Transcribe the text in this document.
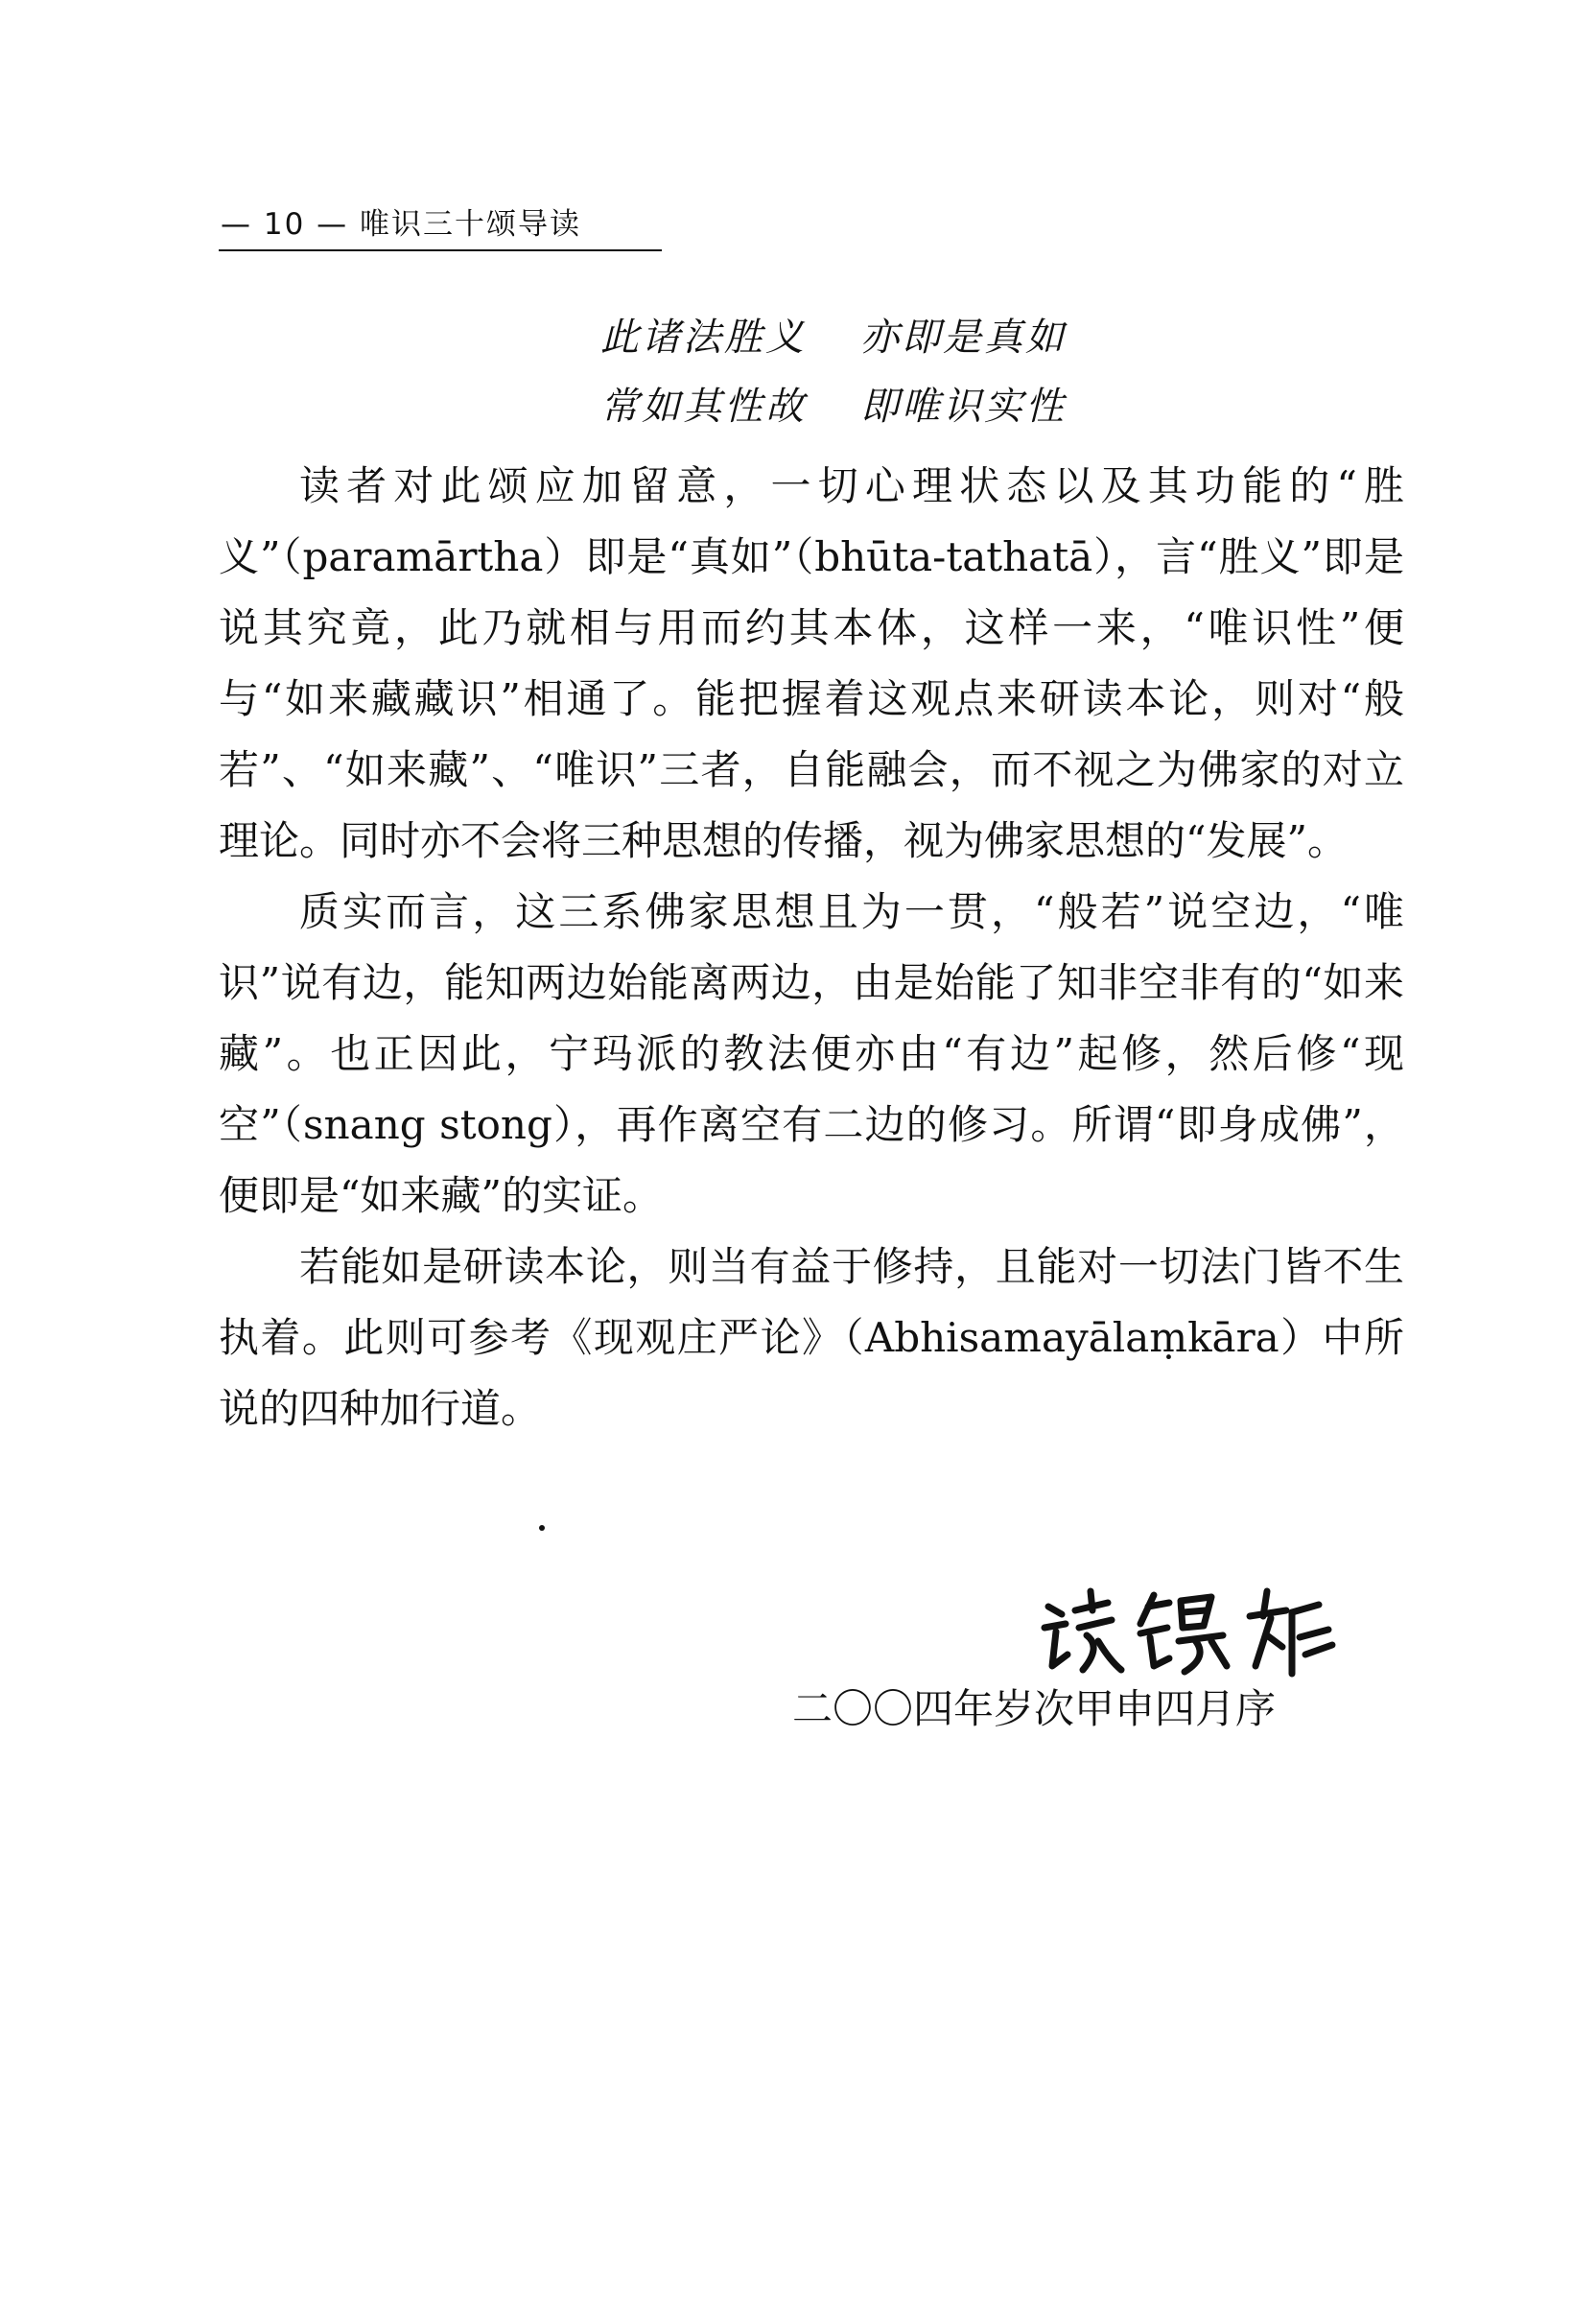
— 10 — 唯识三十颂导读
此诸法胜义 亦即是真如
常如其性故 即唯识实性

读者对此颂应加留意，一切心理状态以及其功能的“胜义”（paramārtha）即是“真如”（bhūta-tathatā），言“胜义”即是说其究竟，此乃就相与用而约其本体，这样一来，“唯识性”便与“如来藏藏识”相通了。能把握着这观点来研读本论，则对“般若”、“如来藏”、“唯识”三者，自能融会，而不视之为佛家的对立理论。同时亦不会将三种思想的传播，视为佛家思想的“发展”。

质实而言，这三系佛家思想且为一贯，“般若”说空边，“唯识”说有边，能知两边始能离两边，由是始能了知非空非有的“如来藏”。也正因此，宁玛派的教法便亦由“有边”起修，然后修“现空”（snang stong），再作离空有二边的修习。所谓“即身成佛”，便即是“如来藏”的实证。

若能如是研读本论，则当有益于修持，且能对一切法门皆不生执着。此则可参考《现观庄严论》（Abhisamayālaṃkāra）中所说的四种加行道。

二〇〇四年岁次甲申四月序
